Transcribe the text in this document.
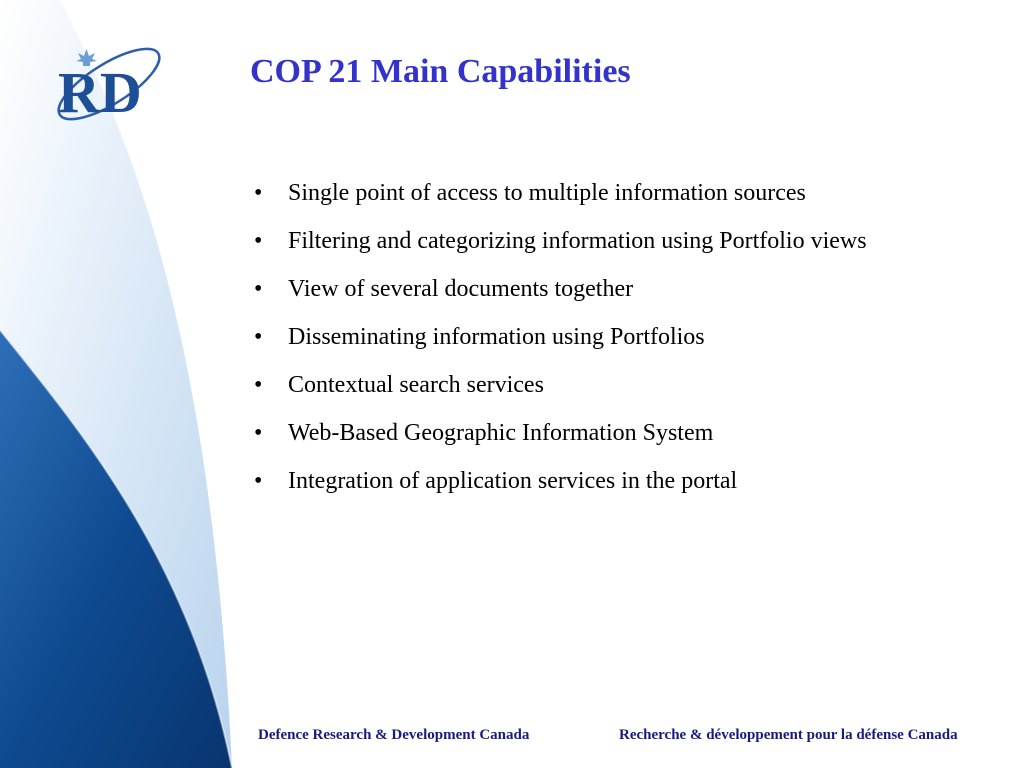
RD	COP 21 Main Capabilities
• Single point of access to multiple information sources
• Filtering and categorizing information using Portfolio views
• View of several documents together
• Disseminating information using Portfolios
• Contextual search services
• Web-Based Geographic Information System
• Integration of application services in the portal
Defence Research & Development Canada	Recherche & développement pour la défense Canada
